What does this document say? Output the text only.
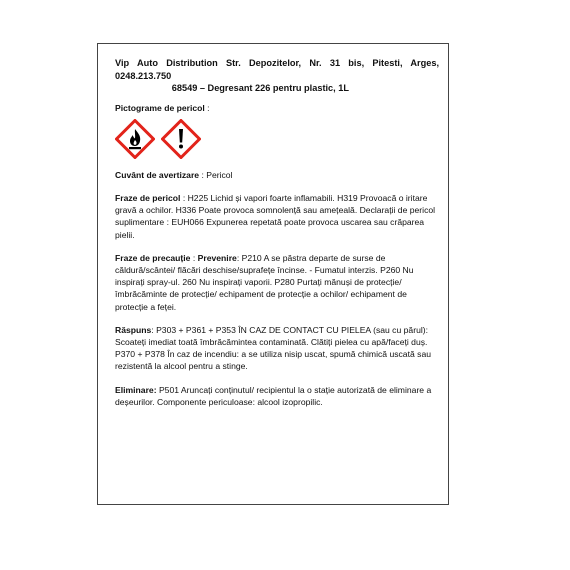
Vip Auto Distribution Str. Depozitelor, Nr. 31 bis, Pitesti, Arges,
0248.213.750
68549 – Degresant 226 pentru plastic, 1L
Pictograme de pericol :

Cuvânt de avertizare : Pericol

Fraze de pericol : H225 Lichid și vapori foarte inflamabili. H319 Provoacă o iritare gravă a ochilor. H336 Poate provoca somnolență sau amețeală. Declarații de pericol suplimentare : EUH066 Expunerea repetată poate provoca uscarea sau crăparea pielii.

Fraze de precauție : Prevenire: P210 A se păstra departe de surse de căldură/scântei/ flăcări deschise/suprafețe încinse. - Fumatul interzis. P260 Nu inspirați spray-ul. 260 Nu inspirați vaporii. P280 Purtați mănuși de protecție/ îmbrăcăminte de protecție/ echipament de protecție a ochilor/ echipament de protecție a feței.

Răspuns: P303 + P361 + P353 ÎN CAZ DE CONTACT CU PIELEA (sau cu părul): Scoateți imediat toată îmbrăcămintea contaminată. Clătiți pielea cu apă/faceți duș. P370 + P378 În caz de incendiu: a se utiliza nisip uscat, spumă chimică uscată sau rezistentă la alcool pentru a stinge.

Eliminare: P501 Aruncați conținutul/ recipientul la o stație autorizată de eliminare a deșeurilor. Componente periculoase: alcool izopropilic.
